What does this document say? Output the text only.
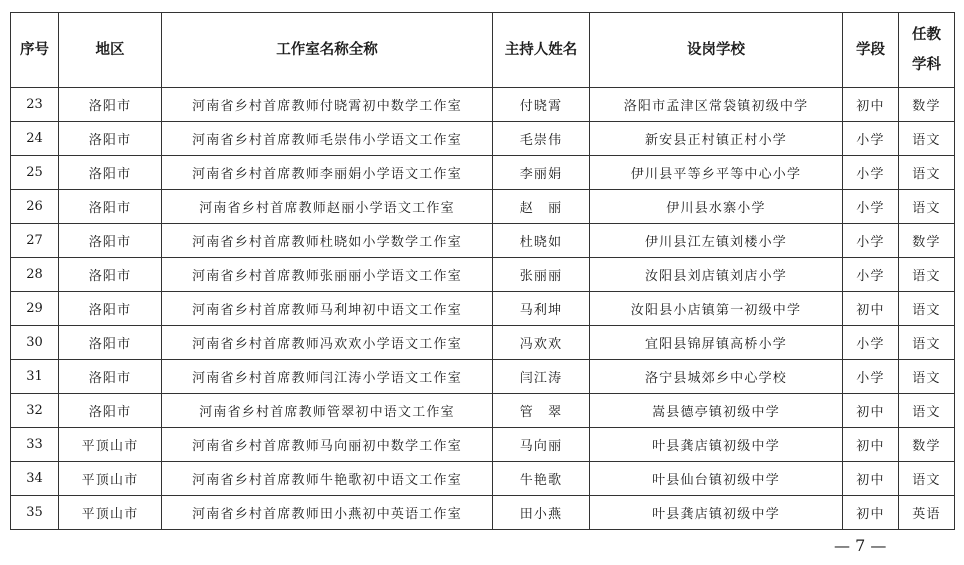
序号	地区	工作室名称全称	主持人姓名	设岗学校	学段	任教
学科

23	洛阳市	河南省乡村首席教师付晓霄初中数学工作室	付晓霄	洛阳市孟津区常袋镇初级中学	初中	数学
24	洛阳市	河南省乡村首席教师毛崇伟小学语文工作室	毛崇伟	新安县正村镇正村小学	小学	语文
25	洛阳市	河南省乡村首席教师李丽娟小学语文工作室	李丽娟	伊川县平等乡平等中心小学	小学	语文
26	洛阳市	河南省乡村首席教师赵丽小学语文工作室	赵　丽	伊川县水寨小学	小学	语文
27	洛阳市	河南省乡村首席教师杜晓如小学数学工作室	杜晓如	伊川县江左镇刘楼小学	小学	数学
28	洛阳市	河南省乡村首席教师张丽丽小学语文工作室	张丽丽	汝阳县刘店镇刘店小学	小学	语文
29	洛阳市	河南省乡村首席教师马利坤初中语文工作室	马利坤	汝阳县小店镇第一初级中学	初中	语文
30	洛阳市	河南省乡村首席教师冯欢欢小学语文工作室	冯欢欢	宜阳县锦屏镇高桥小学	小学	语文
31	洛阳市	河南省乡村首席教师闫江涛小学语文工作室	闫江涛	洛宁县城郊乡中心学校	小学	语文
32	洛阳市	河南省乡村首席教师管翠初中语文工作室	管　翠	嵩县德亭镇初级中学	初中	语文
33	平顶山市	河南省乡村首席教师马向丽初中数学工作室	马向丽	叶县龚店镇初级中学	初中	数学
34	平顶山市	河南省乡村首席教师牛艳歌初中语文工作室	牛艳歌	叶县仙台镇初级中学	初中	语文
35	平顶山市	河南省乡村首席教师田小燕初中英语工作室	田小燕	叶县龚店镇初级中学	初中	英语
— 7 —
